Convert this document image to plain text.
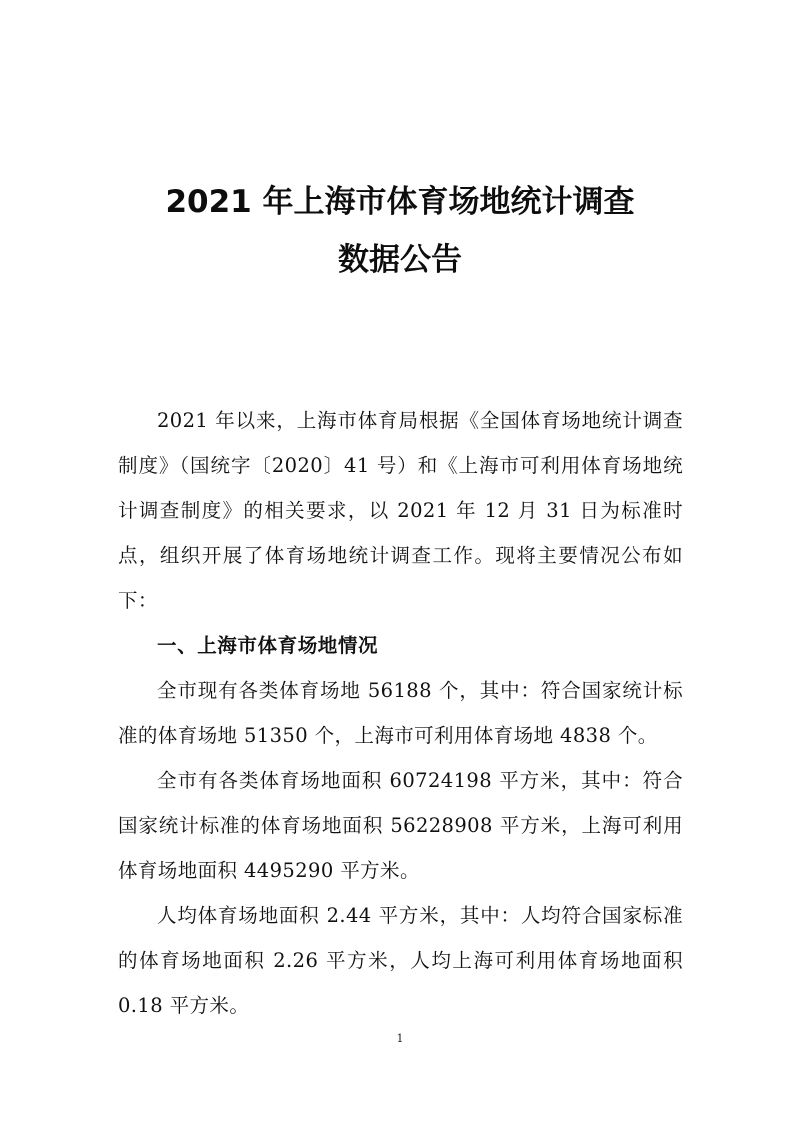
2021 年上海市体育场地统计调查
数据公告

2021 年以来，上海市体育局根据《全国体育场地统计调查制度》（国统字〔2020〕41 号）和《上海市可利用体育场地统计调查制度》的相关要求，以 2021 年 12 月 31 日为标准时点，组织开展了体育场地统计调查工作。现将主要情况公布如下：

一、上海市体育场地情况

全市现有各类体育场地 56188 个，其中：符合国家统计标准的体育场地 51350 个，上海市可利用体育场地 4838 个。

全市有各类体育场地面积 60724198 平方米，其中：符合国家统计标准的体育场地面积 56228908 平方米，上海可利用体育场地面积 4495290 平方米。

人均体育场地面积 2.44 平方米，其中：人均符合国家标准的体育场地面积 2.26 平方米，人均上海可利用体育场地面积 0.18 平方米。

1
